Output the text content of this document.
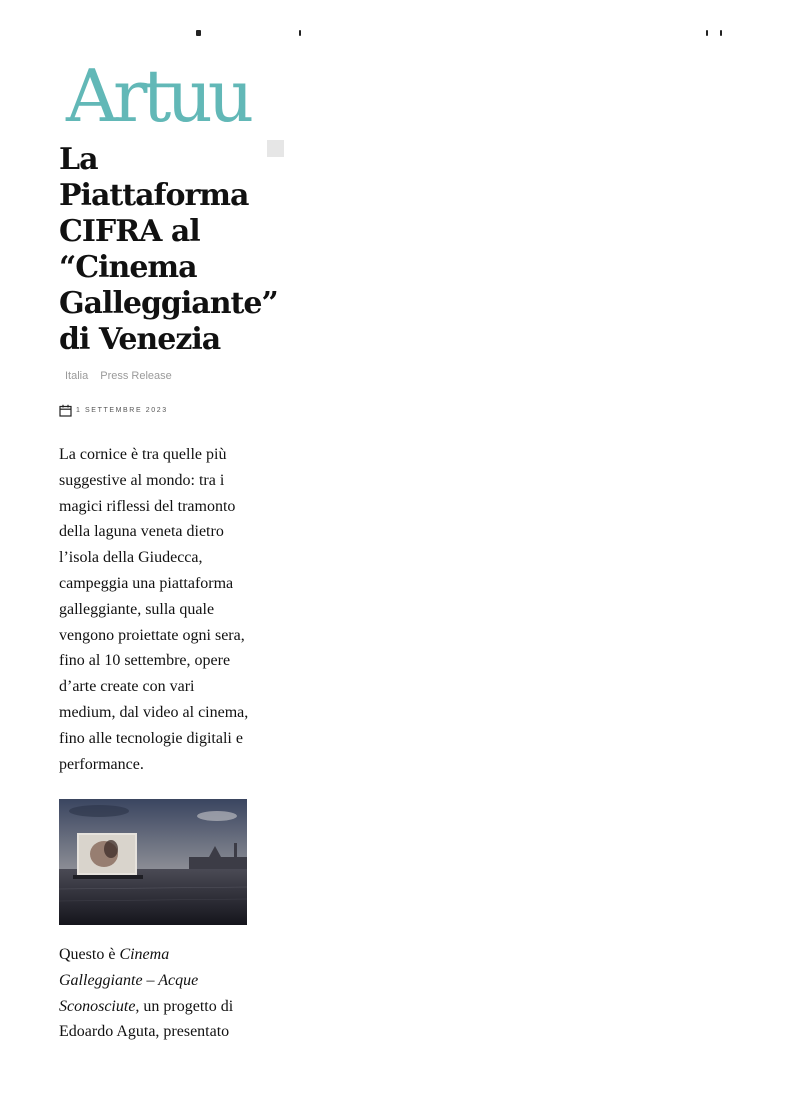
Artuu
La Piattaforma CIFRA al “Cinema Galleggiante” di Venezia
Italia Press Release
1 SETTEMBRE 2023

La cornice è tra quelle più suggestive al mondo: tra i magici riflessi del tramonto della laguna veneta dietro l’isola della Giudecca, campeggia una piattaforma galleggiante, sulla quale vengono proiettate ogni sera, fino al 10 settembre, opere d’arte create con vari medium, dal video al cinema, fino alle tecnologie digitali e performance.

Questo è Cinema Galleggiante – Acque Sconosciute, un progetto di Edoardo Aguta, presentato
